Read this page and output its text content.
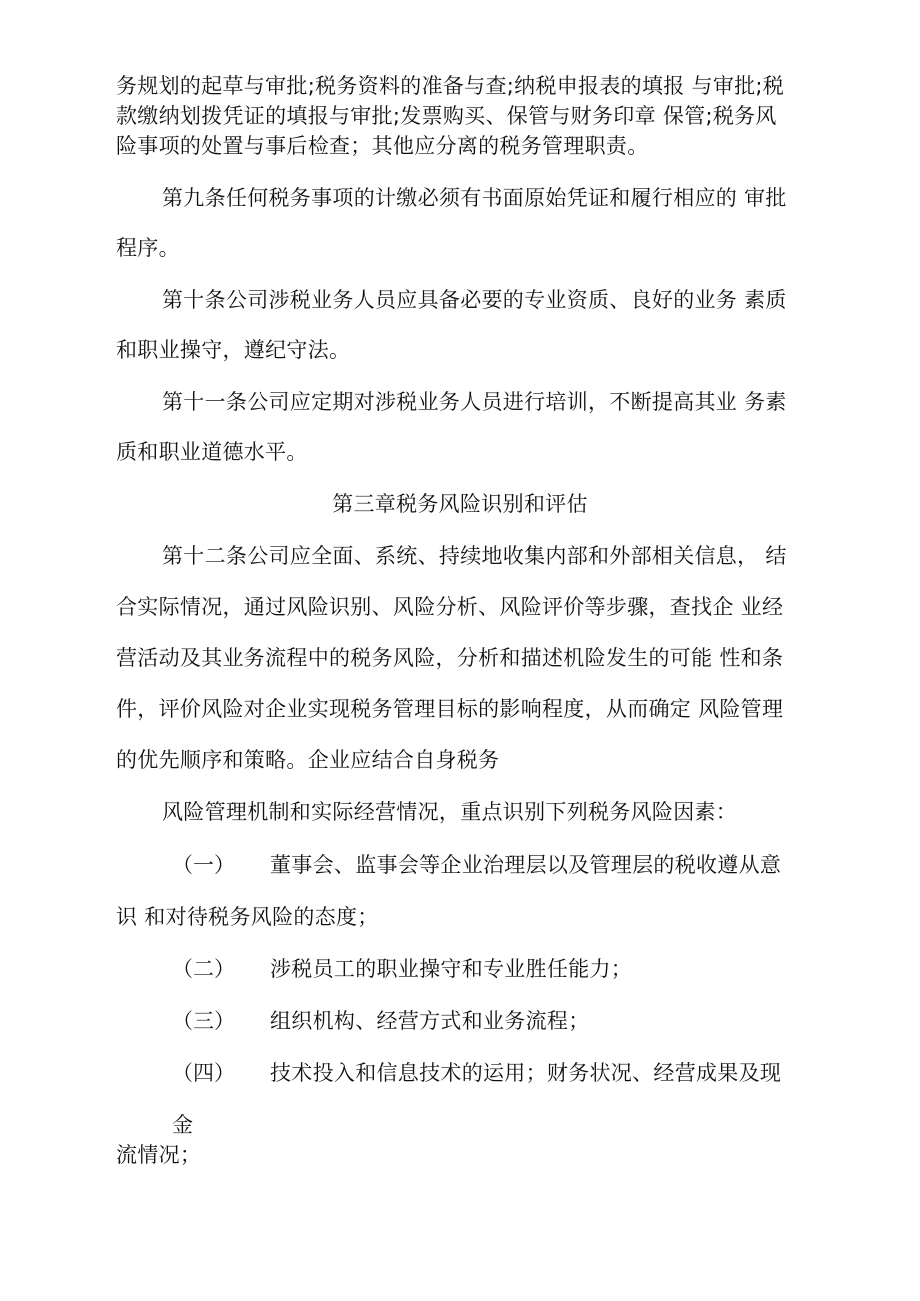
务规划的起草与审批;税务资料的准备与查;纳税申报表的填报 与审批;税
款缴纳划拨凭证的填报与审批;发票购买、保管与财务印章 保管;税务风
险事项的处置与事后检查；其他应分离的税务管理职责。
第九条任何税务事项的计缴必须有书面原始凭证和履行相应的 审批
程序。
第十条公司涉税业务人员应具备必要的专业资质、良好的业务 素质
和职业操守，遵纪守法。
第十一条公司应定期对涉税业务人员进行培训，不断提高其业 务素
质和职业道德水平。
第三章税务风险识别和评估
第十二条公司应全面、系统、持续地收集内部和外部相关信息， 结
合实际情况，通过风险识别、风险分析、风险评价等步骤，查找企 业经
营活动及其业务流程中的税务风险，分析和描述机险发生的可能 性和条
件，评价风险对企业实现税务管理目标的影响程度，从而确定 风险管理
的优先顺序和策略。企业应结合自身税务
风险管理机制和实际经营情况，重点识别下列税务风险因素：
（一） 董事会、监事会等企业治理层以及管理层的税收遵从意
识 和对待税务风险的态度；
（二） 涉税员工的职业操守和专业胜任能力；
（三） 组织机构、经营方式和业务流程；
（四） 技术投入和信息技术的运用；财务状况、经营成果及现
金
流情况；
